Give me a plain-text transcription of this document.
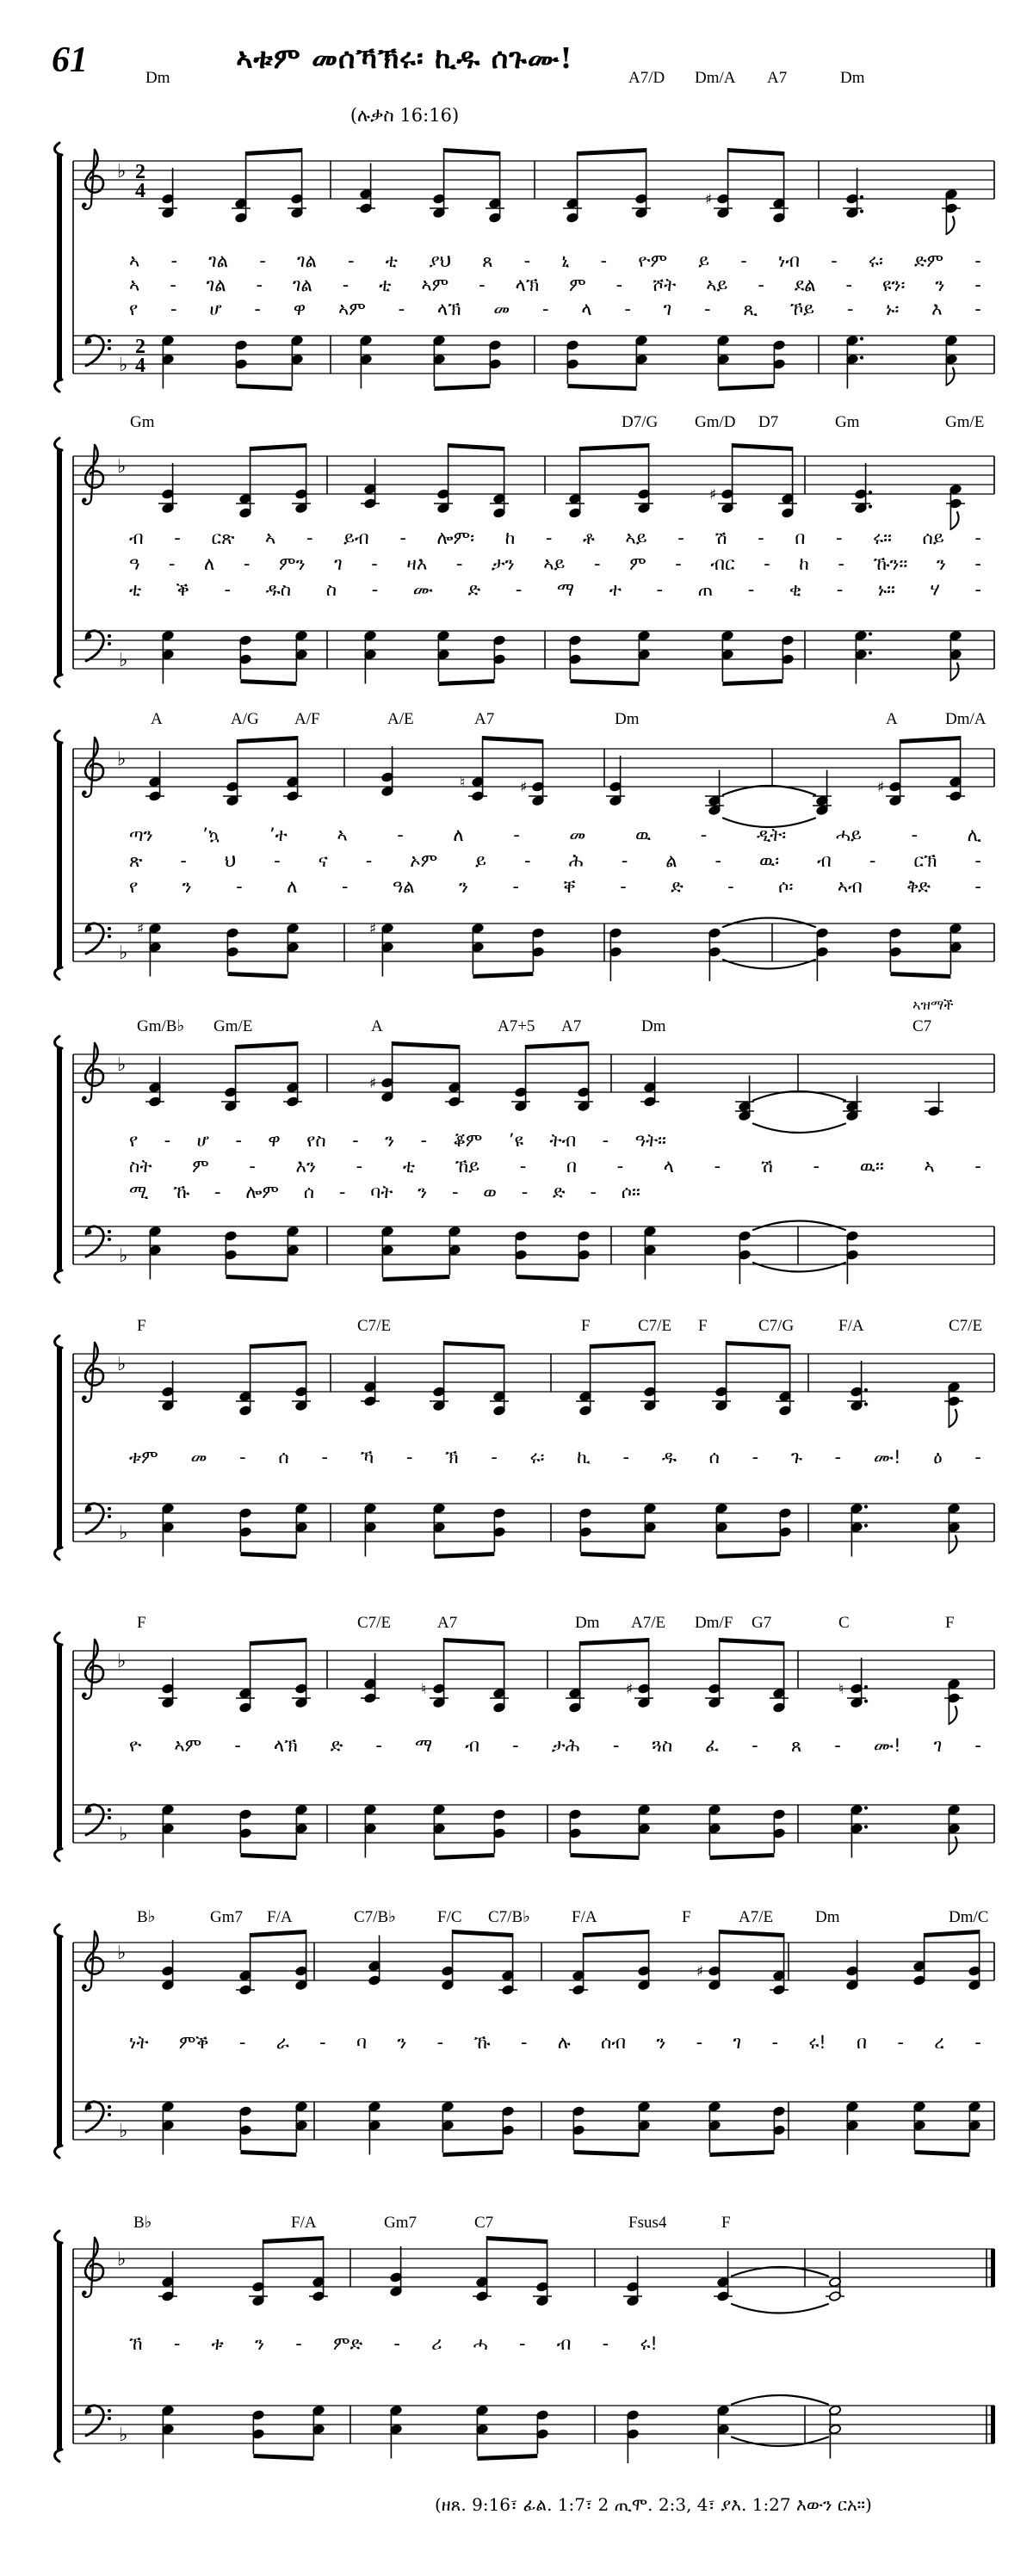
♭
♭
2
4
2
4
♯
♭
♭
♯
♭
♭
♯	♯
♮	♯	♯
♭
♭
♯
♭
♭
♭
♭
♮	♯	♮
♭
♭
♯
♭
♭
61	ኣቱም መሰኻኽሩ፡ ኪዱ ሰጉሙ!
(ሉቃስ 16:16)
Dm	A7/D Dm/A A7	Dm
ኣ - ገል - ገል - ቲ ያህ ጸ - ኒ - ዮም ይ - ነብ - ሩ፡ ድም -
ኣ - ገል - ገል - ቲ ኣም - ላኽ ም - ሾት ኣይ - ደል - ዩን፡ ን -
የ - ሆ - ዋ ኣም - ላኽ መ - ላ - ገ - ጺ ኾይ - ኑ፡ እ -
Gm	D7/G Gm/D D7	Gm	Gm/E
ብ - ርጽ ኣ - ይብ - ሎም፡ ከ - ቶ ኣይ - ሽ - በ - ሩ። ሰይ -
ዓ - ለ - ምን ገ - ዛእ - ታን ኣይ - ም - ብር - ከ - ኹን። ን -
ቲ ቕ - ዱስ ስ - ሙ ድ - ማ ተ - ጠ - ቂ - ኑ። ሃ -
A	A/G A/F	A/E	A7	Dm	A	Dm/A
ጣን	’ኳ	’ተ	ኣ	-	ለ	-	መ	ዉ	-	ዲት፡	ሓይ	-	ሊ
ጽ - ህ - ና - ኦም ይ - ሕ - ል - ዉ፡ ብ - ርኽ -
የ ን - ለ - ዓል ን - ቐ - ድ - ሶ፡ ኣብ ቅድ -
Gm/B♭ Gm/E	A	A7+5 A7	Dm	C7
ኣዝማች
የ - ሆ - ዋ የስ - ን - ቖም ’ዩ ትብ - ዓት።
ስት ም - እን - ቲ ኸይ - በ - ላ - ሽ - ዉ። ኣ -
ሚ ኹ - ሎም ሰ - ባት ን - ወ - ድ - ሶ።
F	C7/E	F	C7/E F	C7/G	F/A	C7/E
ቱም መ - ሰ - ኻ - ኽ - ሩ፡ ኪ - ዱ ሰ - ጉ - ሙ! ዕ -
F	C7/E	A7	Dm A7/E Dm/F G7	C	F
ዮ ኣም - ላኽ ድ - ማ ብ - ታሕ - ጓስ ፈ - ጸ - ሙ! ገ -
B♭	Gm7 F/A	C7/B♭	F/C C7/B♭	F/A	F	A7/E	Dm	Dm/C
ነት ምቕ - ራ - ባ ን - ኹ - ሉ ሰብ ን - ገ - ሩ! በ - ረ -
B♭	F/A	Gm7	C7	Fsus4	F
ኸ - ቱ ን - ምድ - ሪ ሓ - ብ - ሩ!
(ዘጸ. 9:16፣ ፊል. 1:7፣ 2 ጢሞ. 2:3, 4፣ ያእ. 1:27 እውን ርአ።)
